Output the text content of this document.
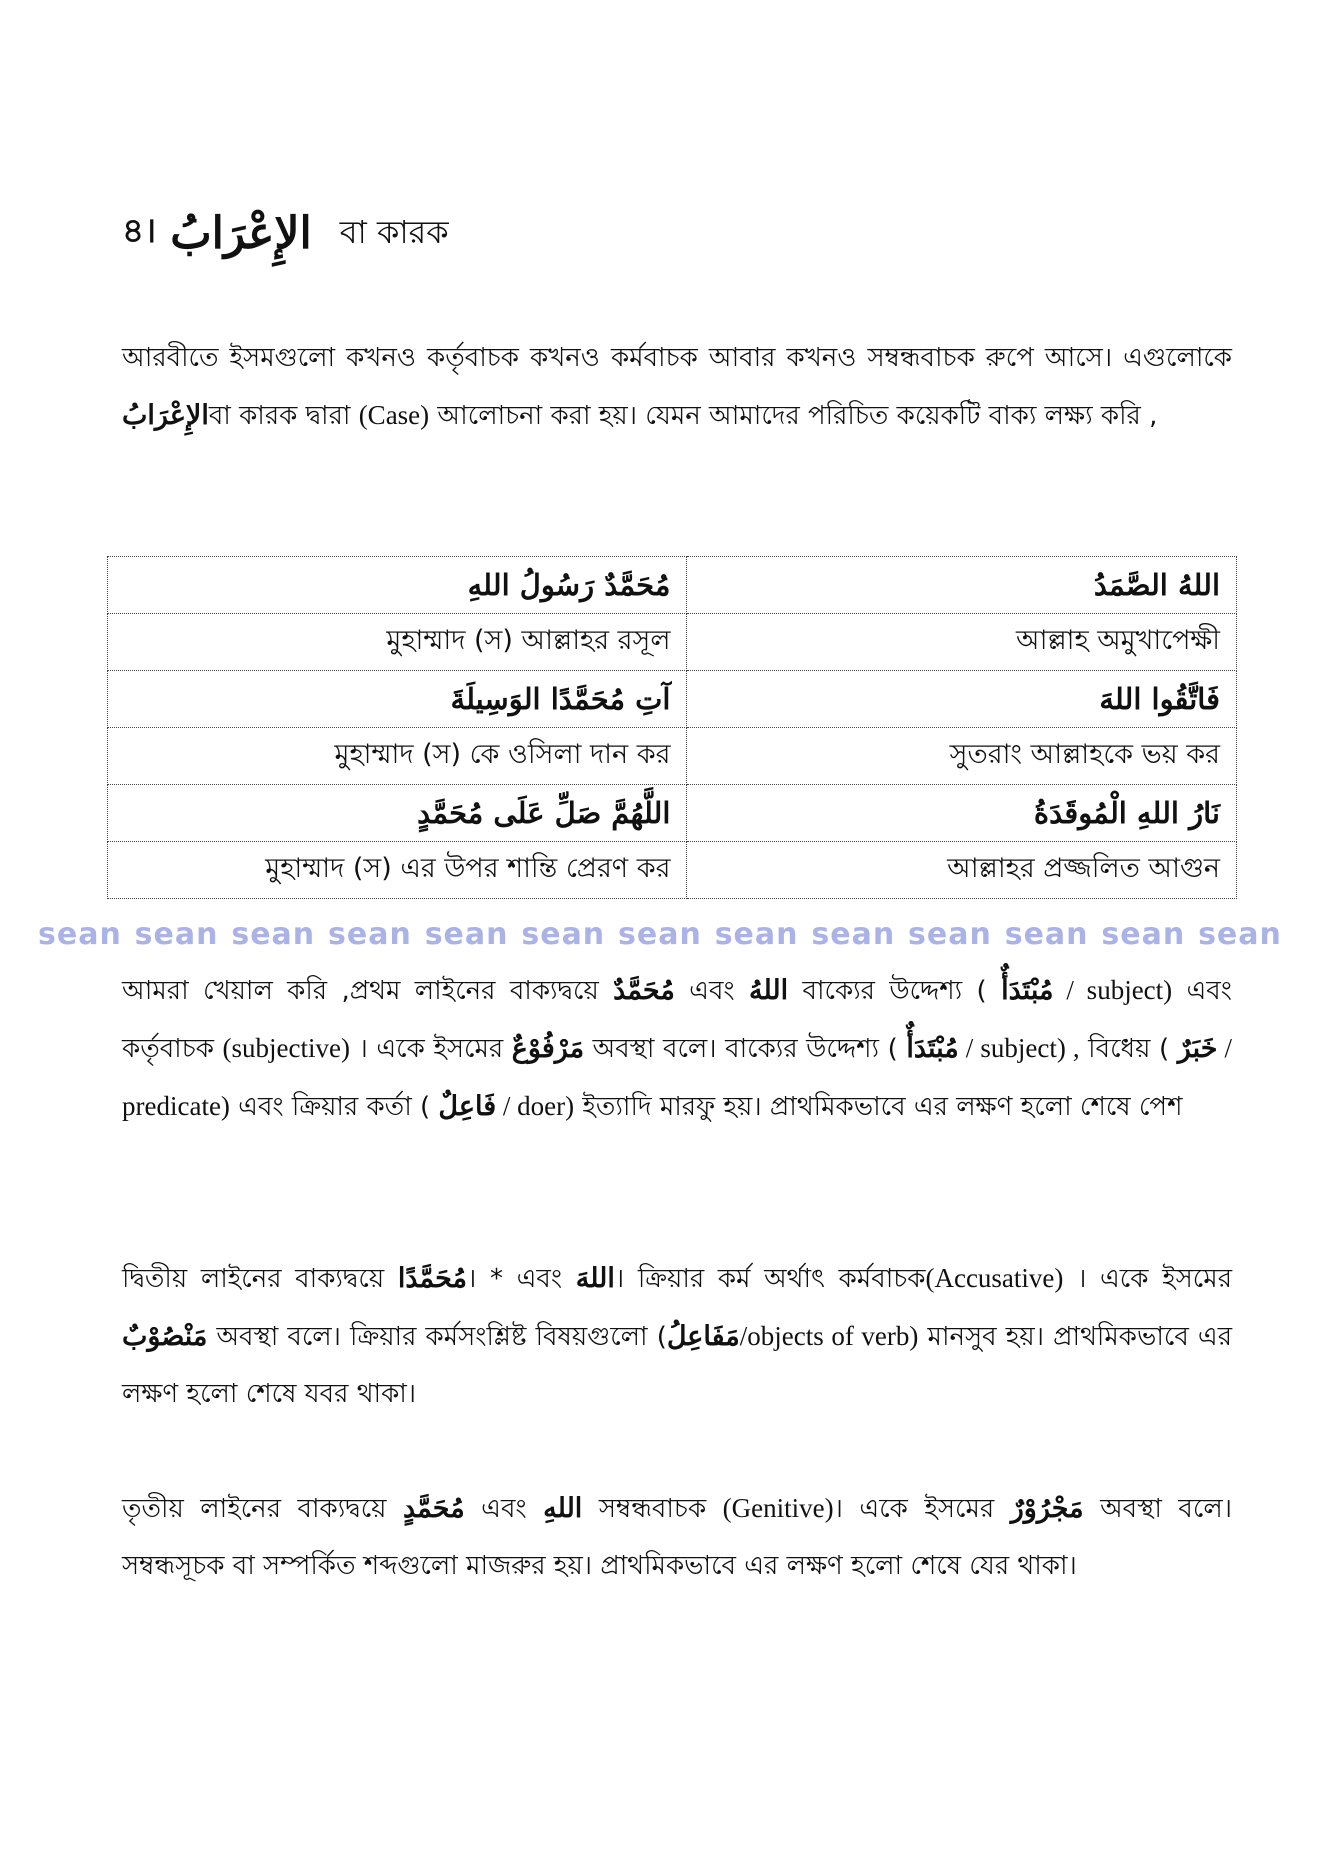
৪। الإِعْرَابُ বা কারক

আরবীতে ইসমগুলো কখনও কর্তৃবাচক কখনও কর্মবাচক আবার কখনও সম্বন্ধবাচক রুপে আসে। এগুলোকে الإِعْرَابُবা কারক দ্বারা (Case) আলোচনা করা হয়। যেমন আমাদের পরিচিত কয়েকটি বাক্য লক্ষ্য করি ,

مُحَمَّدٌ رَسُولُ اللهِ	اللهُ الصَّمَدُ
মুহাম্মাদ (স) আল্লাহর রসূল	আল্লাহ অমুখাপেক্ষী
آتِ مُحَمَّدًا الوَسِيلَةَ	فَاتَّقُوا اللهَ
মুহাম্মাদ (স) কে ওসিলা দান কর	সুতরাং আল্লাহকে ভয় কর
اللَّهُمَّ صَلِّ عَلَى مُحَمَّدٍ	نَارُ اللهِ الْمُوقَدَةُ
মুহাম্মাদ (স) এর উপর শান্তি প্রেরণ কর	আল্লাহর প্রজ্জলিত আগুন
sean sean sean sean sean sean sean sean sean sean sean sean sean

আমরা খেয়াল করি ,প্রথম লাইনের বাক্যদ্বয়ে مُحَمَّدٌ এবং اللهُ বাক্যের উদ্দেশ্য ( مُبْتَدَأٌ / subject) এবং কর্তৃবাচক (subjective) । একে ইসমের مَرْفُوْعٌ অবস্থা বলে। বাক্যের উদ্দেশ্য ( مُبْتَدَأٌ / subject) , বিধেয় ( خَبَرٌ / predicate) এবং ক্রিয়ার কর্তা ( فَاعِلٌ / doer) ইত্যাদি মারফু হয়। প্রাথমিকভাবে এর লক্ষণ হলো শেষে পেশ

দ্বিতীয় লাইনের বাক্যদ্বয়ে مُحَمَّدًا। * এবং اللهَ। ক্রিয়ার কর্ম অর্থাৎ কর্মবাচক(Accusative) । একে ইসমের مَنْصُوْبٌ অবস্থা বলে। ক্রিয়ার কর্মসংশ্লিষ্ট বিষয়গুলো (مَفَاعِلُ/objects of verb) মানসুব হয়। প্রাথমিকভাবে এর লক্ষণ হলো শেষে যবর থাকা।

তৃতীয় লাইনের বাক্যদ্বয়ে مُحَمَّدٍ এবং اللهِ সম্বন্ধবাচক (Genitive)। একে ইসমের مَجْرُوْرٌ অবস্থা বলে। সম্বন্ধসূচক বা সম্পর্কিত শব্দগুলো মাজরুর হয়। প্রাথমিকভাবে এর লক্ষণ হলো শেষে যের থাকা।
